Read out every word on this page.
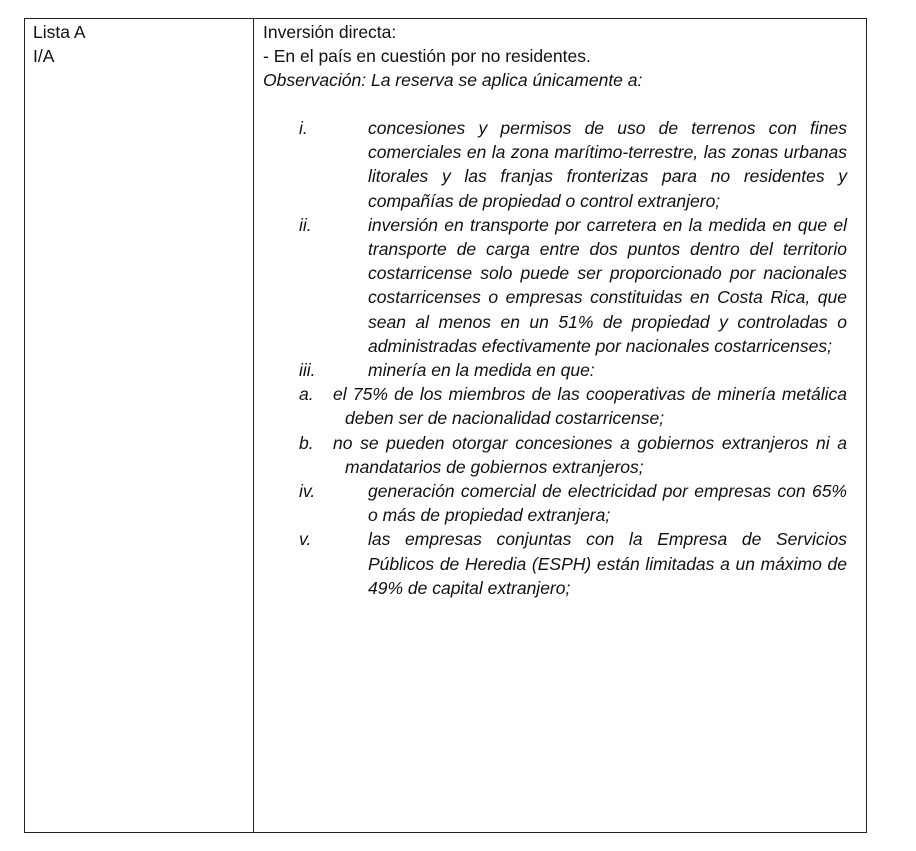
Lista A
I/A
Inversión directa:
- En el país en cuestión por no residentes.
Observación: La reserva se aplica únicamente a:
i.	concesiones y permisos de uso de terrenos con fines comerciales en la zona marítimo-terrestre, las zonas urbanas litorales y las franjas fronterizas para no residentes y compañías de propiedad o control extranjero;
ii.	inversión en transporte por carretera en la medida en que el transporte de carga entre dos puntos dentro del territorio costarricense solo puede ser proporcionado por nacionales costarricenses o empresas constituidas en Costa Rica, que sean al menos en un 51% de propiedad y controladas o administradas efectivamente por nacionales costarricenses;
iii.	minería en la medida en que:
a. el 75% de los miembros de las cooperativas de minería metálica deben ser de nacionalidad costarricense;
b. no se pueden otorgar concesiones a gobiernos extranjeros ni a mandatarios de gobiernos extranjeros;
iv.	generación comercial de electricidad por empresas con 65% o más de propiedad extranjera;
v.	las empresas conjuntas con la Empresa de Servicios Públicos de Heredia (ESPH) están limitadas a un máximo de 49% de capital extranjero;
